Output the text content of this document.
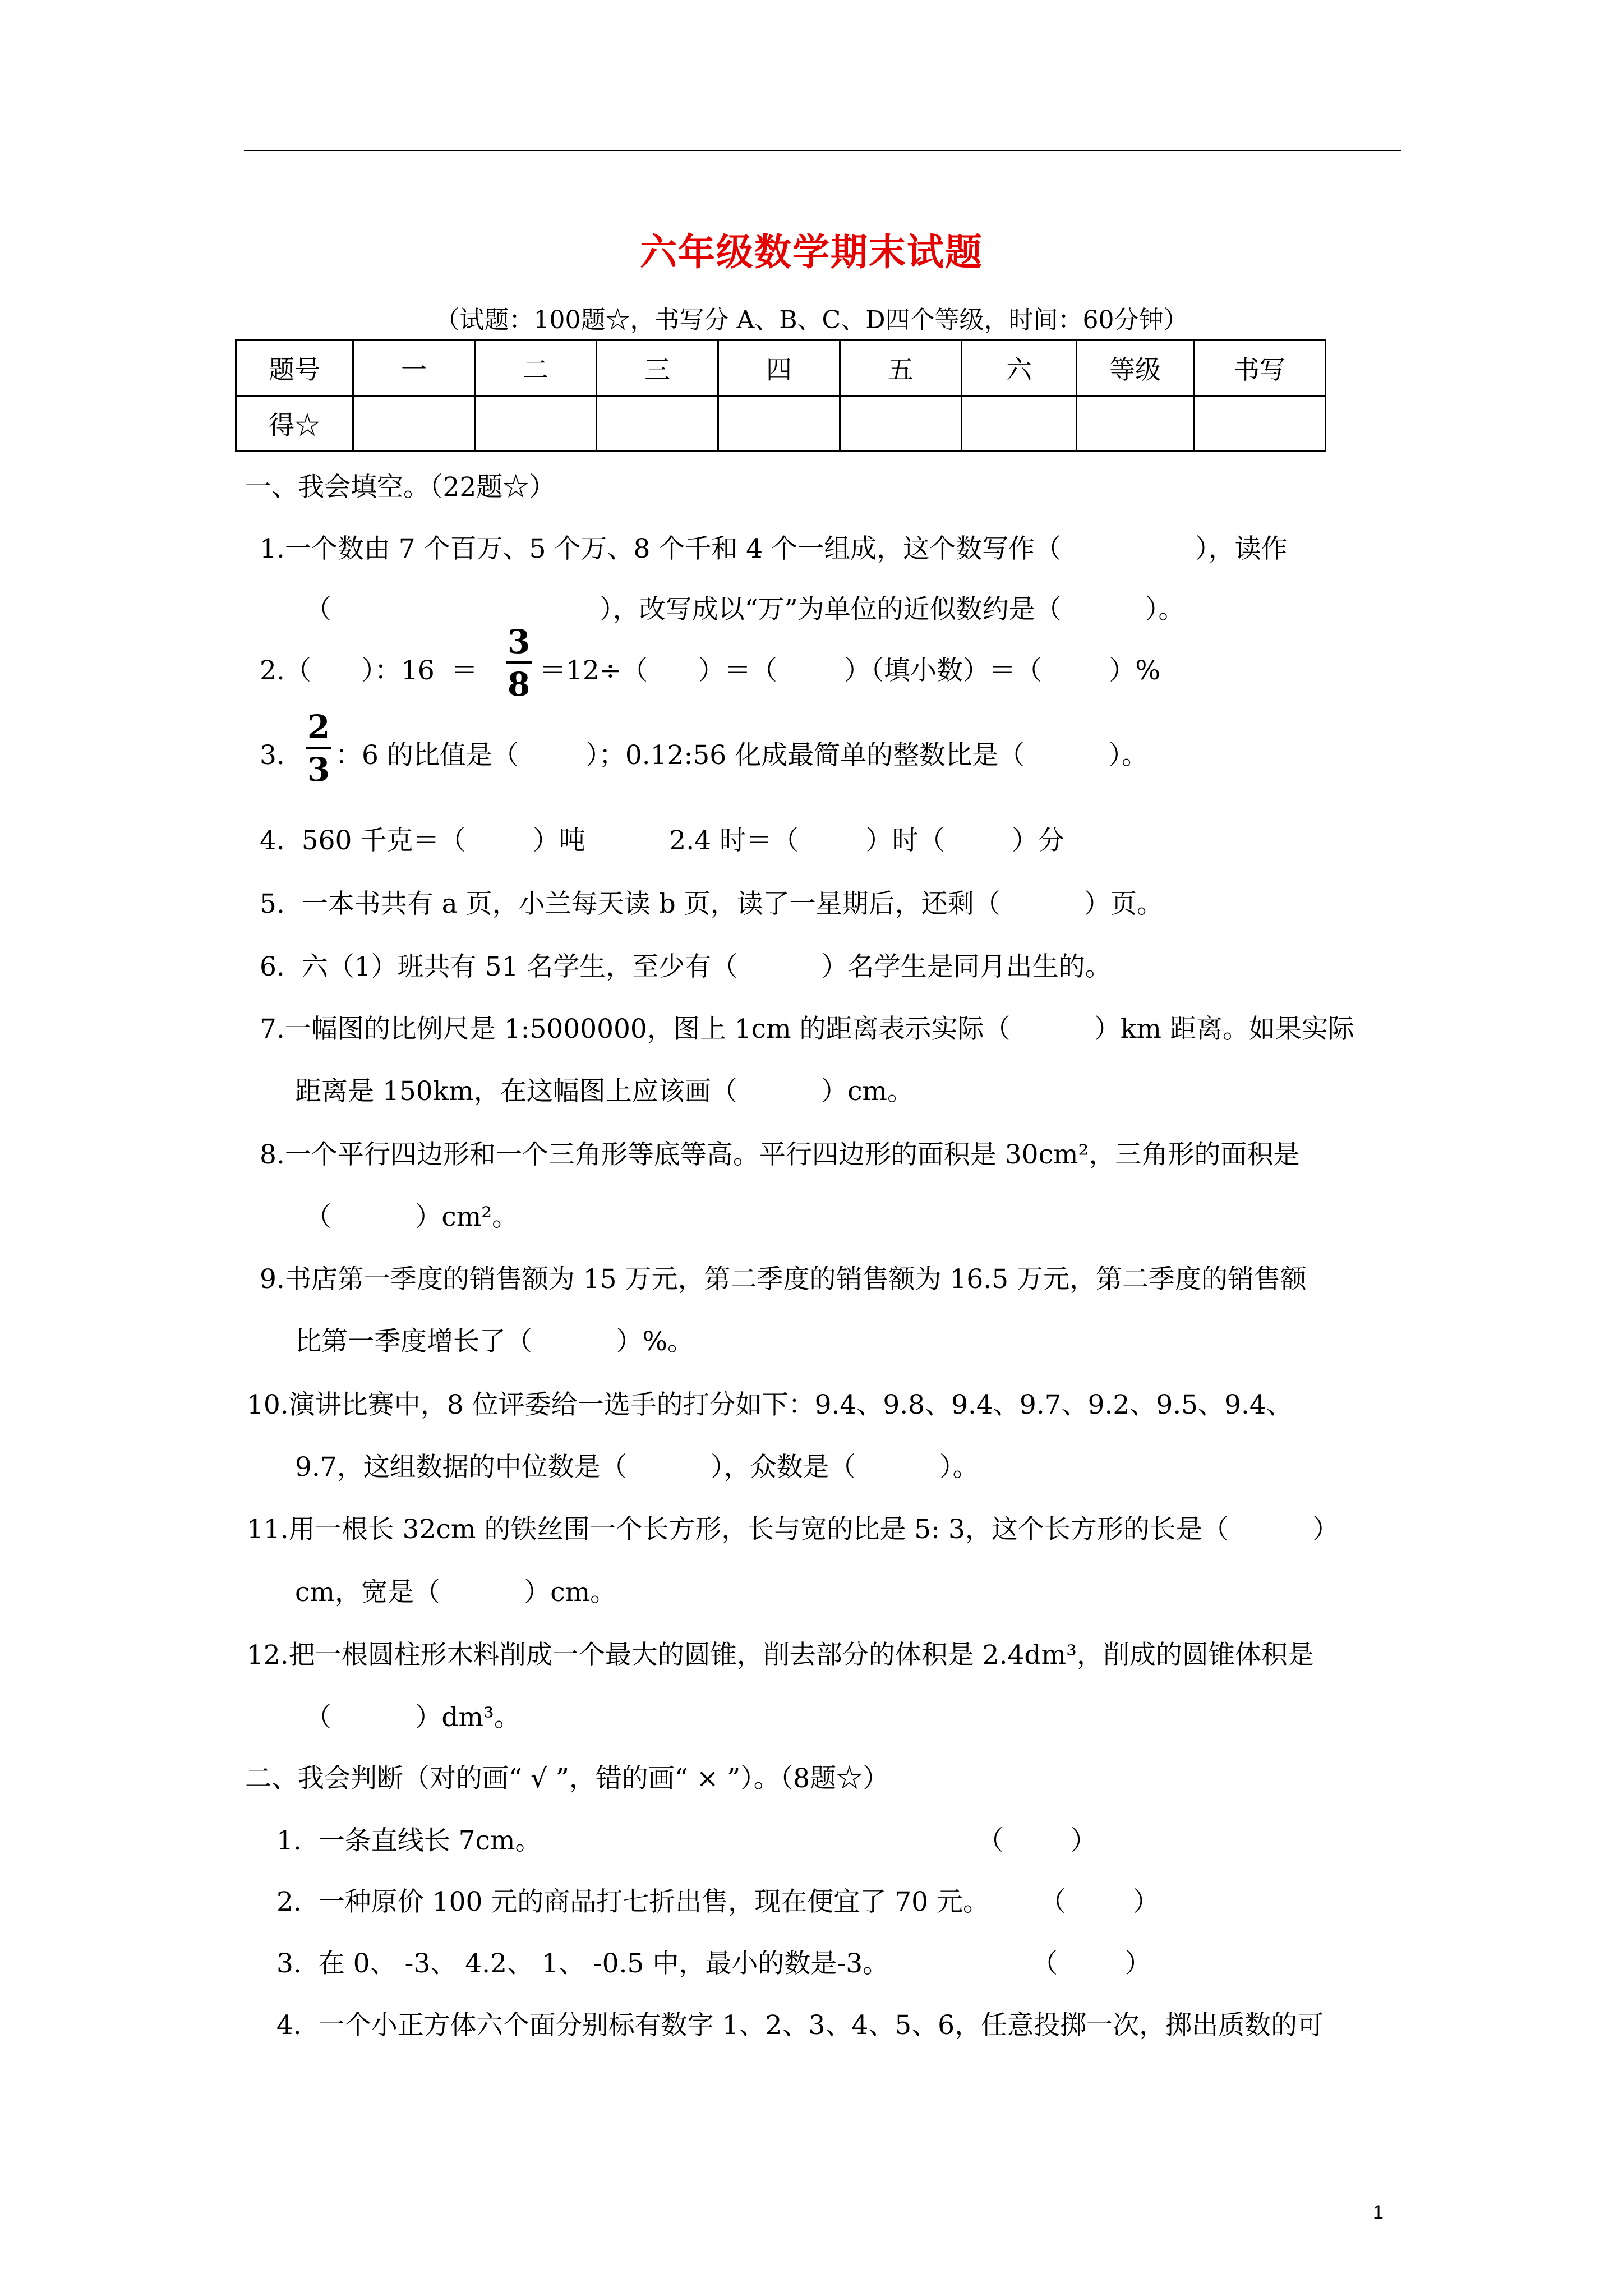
六年级数学期末试题
（试题：100题☆，书写分 A、B、C、D四个等级，时间：60分钟）
题号	一	二	三	四	五	六	等级	书写
得☆								
一、我会填空。（22题☆）
1.一个数由 7 个百万、5 个万、8 个千和 4 个一组成，这个数写作（                ），读作
（                                ），改写成以“万”为单位的近似数约是（          ）。
2.（      ）：16  ＝
3
8 ＝12÷（      ）＝（        ）（填小数）＝（        ）%
3.
2
3 ：6 的比值是（        ）；0.12:56 化成最简单的整数比是（          ）。
4.  560 千克＝（        ）吨          2.4 时＝（        ）时（        ）分
5.  一本书共有 a 页，小兰每天读 b 页，读了一星期后，还剩（          ）页。
6.  六（1）班共有 51 名学生，至少有（          ）名学生是同月出生的。
7.一幅图的比例尺是 1:5000000，图上 1cm 的距离表示实际（          ）km 距离。如果实际
距离是 150km，在这幅图上应该画（          ）cm。
8.一个平行四边形和一个三角形等底等高。平行四边形的面积是 30cm²，三角形的面积是
（          ）cm²。
9.书店第一季度的销售额为 15 万元，第二季度的销售额为 16.5 万元，第二季度的销售额
比第一季度增长了（          ）%。
10.演讲比赛中，8 位评委给一选手的打分如下：9.4、9.8、9.4、9.7、9.2、9.5、9.4、
9.7，这组数据的中位数是（          ），众数是（          ）。
11.用一根长 32cm 的铁丝围一个长方形，长与宽的比是 5: 3，这个长方形的长是（          ）
cm，宽是（          ）cm。
12.把一根圆柱形木料削成一个最大的圆锥，削去部分的体积是 2.4dm³，削成的圆锥体积是
（          ）dm³。
二、我会判断（对的画“ √ ”，错的画“ × ”）。（8题☆）
1.  一条直线长 7cm。                                                    （        ）
2.  一种原价 100 元的商品打七折出售，现在便宜了 70 元。      （        ）
3.  在 0、 -3、 4.2、 1、 -0.5 中，最小的数是-3。                 （        ）
4.  一个小正方体六个面分别标有数字 1、2、3、4、5、6，任意投掷一次，掷出质数的可
1
